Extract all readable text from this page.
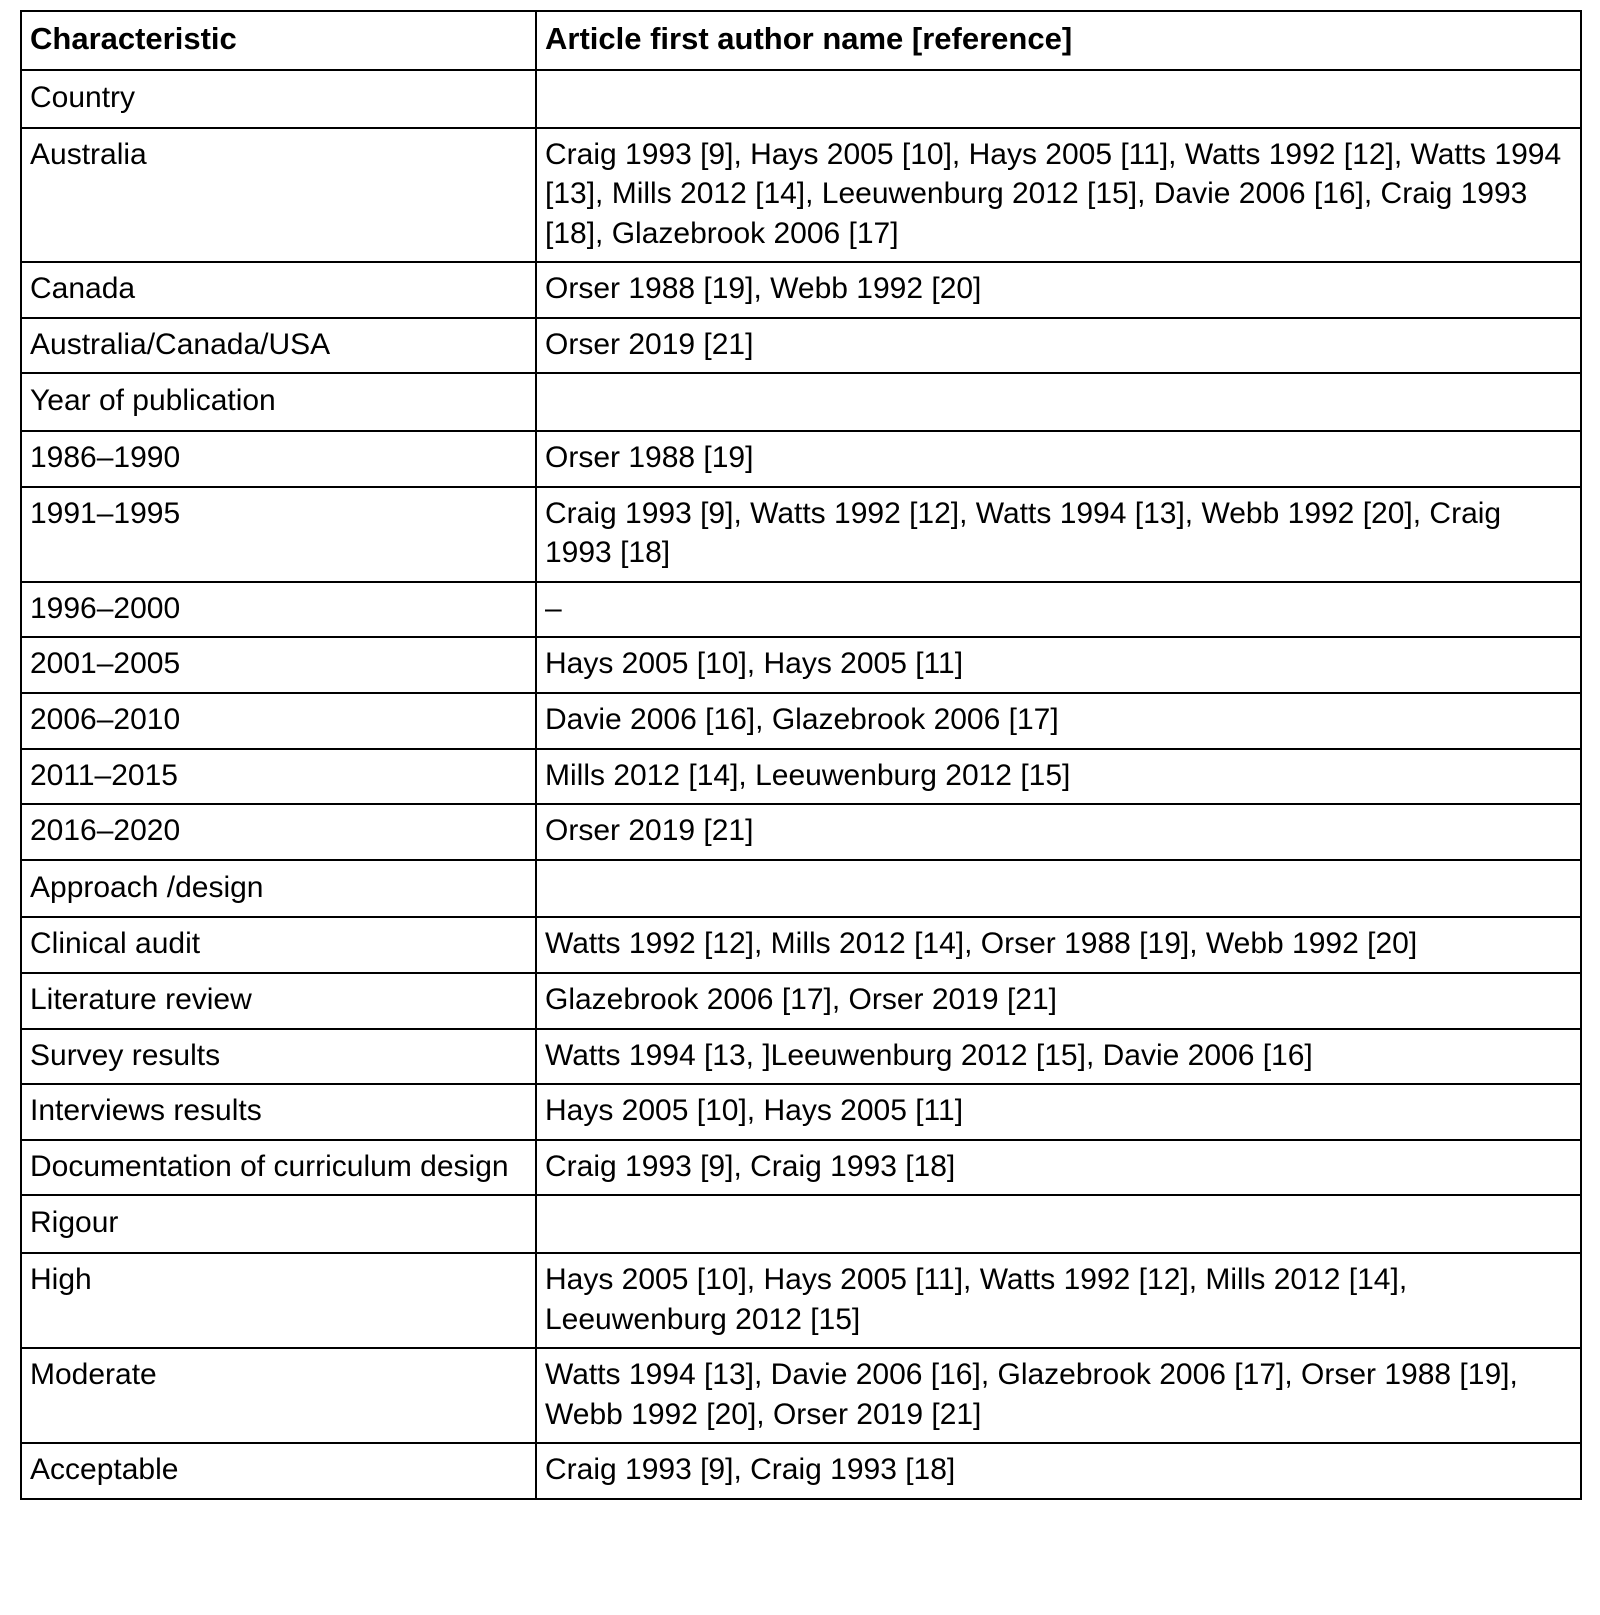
Characteristic	Article first author name [reference]
Country	
Australia	Craig 1993 [9], Hays 2005 [10], Hays 2005 [11], Watts 1992 [12], Watts 1994 [13], Mills 2012 [14], Leeuwenburg 2012 [15], Davie 2006 [16], Craig 1993 [18], Glazebrook 2006 [17]
Canada	Orser 1988 [19], Webb 1992 [20]
Australia/Canada/USA	Orser 2019 [21]
Year of publication	
1986–1990	Orser 1988 [19]
1991–1995	Craig 1993 [9], Watts 1992 [12], Watts 1994 [13], Webb 1992 [20], Craig 1993 [18]
1996–2000	–
2001–2005	Hays 2005 [10], Hays 2005 [11]
2006–2010	Davie 2006 [16], Glazebrook 2006 [17]
2011–2015	Mills 2012 [14], Leeuwenburg 2012 [15]
2016–2020	Orser 2019 [21]
Approach /design	
Clinical audit	Watts 1992 [12], Mills 2012 [14], Orser 1988 [19], Webb 1992 [20]
Literature review	Glazebrook 2006 [17], Orser 2019 [21]
Survey results	Watts 1994 [13, ]Leeuwenburg 2012 [15], Davie 2006 [16]
Interviews results	Hays 2005 [10], Hays 2005 [11]
Documentation of curriculum design	Craig 1993 [9], Craig 1993 [18]
Rigour	
High	Hays 2005 [10], Hays 2005 [11], Watts 1992 [12], Mills 2012 [14], Leeuwenburg 2012 [15]
Moderate	Watts 1994 [13], Davie 2006 [16], Glazebrook 2006 [17], Orser 1988 [19], Webb 1992 [20], Orser 2019 [21]
Acceptable	Craig 1993 [9], Craig 1993 [18]
